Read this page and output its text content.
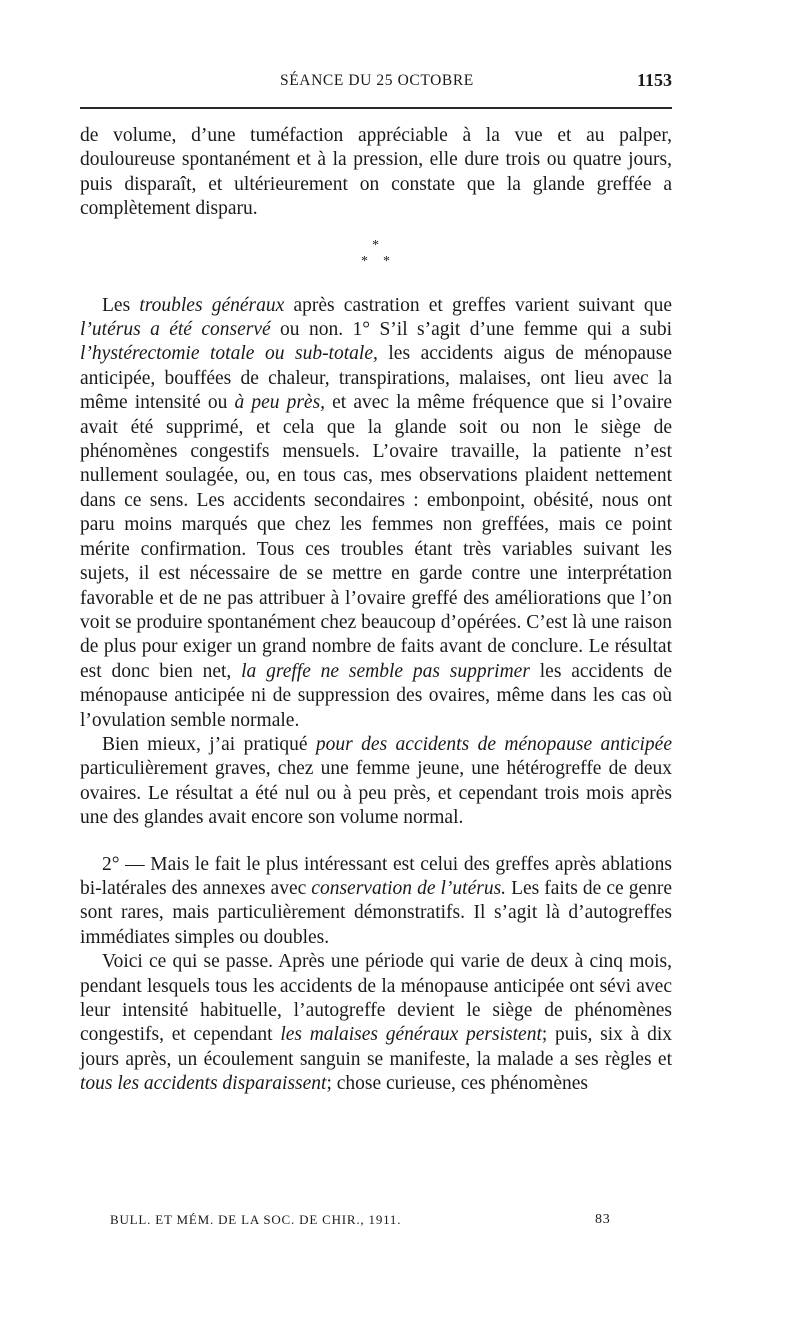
SÉANCE DU 25 OCTOBRE	1153

de volume, d’une tuméfaction appréciable à la vue et au palper, douloureuse spontanément et à la pression, elle dure trois ou quatre jours, puis disparaît, et ultérieurement on constate que la glande greffée a complètement disparu.

*
* *

Les troubles généraux après castration et greffes varient suivant que l’utérus a été conservé ou non. 1° S’il s’agit d’une femme qui a subi l’hystérectomie totale ou sub-totale, les accidents aigus de ménopause anticipée, bouffées de chaleur, transpirations, malaises, ont lieu avec la même intensité ou à peu près, et avec la même fréquence que si l’ovaire avait été supprimé, et cela que la glande soit ou non le siège de phénomènes congestifs mensuels. L’ovaire travaille, la patiente n’est nullement soulagée, ou, en tous cas, mes observations plaident nettement dans ce sens. Les accidents secondaires : embonpoint, obésité, nous ont paru moins marqués que chez les femmes non greffées, mais ce point mérite confirmation. Tous ces troubles étant très variables suivant les sujets, il est nécessaire de se mettre en garde contre une interprétation favorable et de ne pas attribuer à l’ovaire greffé des améliorations que l’on voit se produire spontanément chez beaucoup d’opérées. C’est là une raison de plus pour exiger un grand nombre de faits avant de conclure. Le résultat est donc bien net, la greffe ne semble pas supprimer les accidents de ménopause anticipée ni de suppression des ovaires, même dans les cas où l’ovulation semble normale.

Bien mieux, j’ai pratiqué pour des accidents de ménopause anticipée particulièrement graves, chez une femme jeune, une hétérogreffe de deux ovaires. Le résultat a été nul ou à peu près, et cependant trois mois après une des glandes avait encore son volume normal.

2° — Mais le fait le plus intéressant est celui des greffes après ablations bi-latérales des annexes avec conservation de l’utérus. Les faits de ce genre sont rares, mais particulièrement démonstratifs. Il s’agit là d’autogreffes immédiates simples ou doubles.

Voici ce qui se passe. Après une période qui varie de deux à cinq mois, pendant lesquels tous les accidents de la ménopause anticipée ont sévi avec leur intensité habituelle, l’autogreffe devient le siège de phénomènes congestifs, et cependant les malaises généraux persistent; puis, six à dix jours après, un écoulement sanguin se manifeste, la malade a ses règles et tous les accidents disparaissent; chose curieuse, ces phénomènes

BULL. ET MÉM. DE LA SOC. DE CHIR., 1911.	83
